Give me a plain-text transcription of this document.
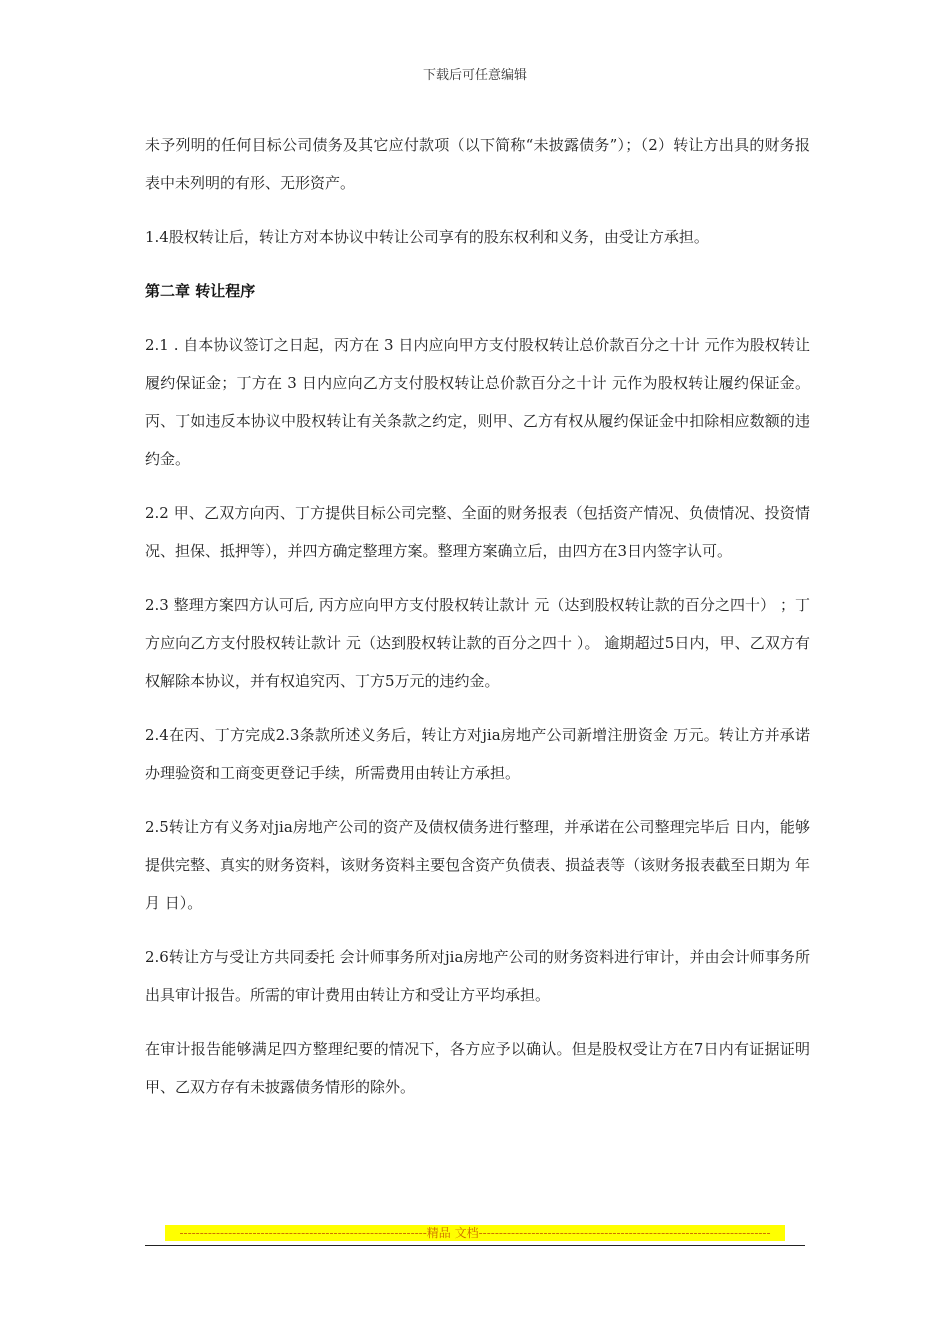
下载后可任意编辑

未予列明的任何目标公司债务及其它应付款项（以下简称“未披露债务”）；（2）转让方出具的财务报表中未列明的有形、无形资产。

1.4股权转让后，转让方对本协议中转让公司享有的股东权利和义务，由受让方承担。

第二章 转让程序

2.1 . 自本协议签订之日起，丙方在 3 日内应向甲方支付股权转让总价款百分之十计 元作为股权转让履约保证金；丁方在 3 日内应向乙方支付股权转让总价款百分之十计 元作为股权转让履约保证金。丙、丁如违反本协议中股权转让有关条款之约定，则甲、乙方有权从履约保证金中扣除相应数额的违约金。

2.2 甲、乙双方向丙、丁方提供目标公司完整、全面的财务报表（包括资产情况、负债情况、投资情况、担保、抵押等），并四方确定整理方案。整理方案确立后，由四方在3日内签字认可。

2.3 整理方案四方认可后, 丙方应向甲方支付股权转让款计 元（达到股权转让款的百分之四十） ；丁方应向乙方支付股权转让款计 元（达到股权转让款的百分之四十 ）。 逾期超过5日内，甲、乙双方有权解除本协议，并有权追究丙、丁方5万元的违约金。

2.4在丙、丁方完成2.3条款所述义务后，转让方对jia房地产公司新增注册资金 万元。转让方并承诺办理验资和工商变更登记手续，所需费用由转让方承担。

2.5转让方有义务对jia房地产公司的资产及债权债务进行整理，并承诺在公司整理完毕后 日内，能够提供完整、真实的财务资料，该财务资料主要包含资产负债表、损益表等（该财务报表截至日期为 年 月 日）。

2.6转让方与受让方共同委托 会计师事务所对jia房地产公司的财务资料进行审计，并由会计师事务所出具审计报告。所需的审计费用由转让方和受让方平均承担。

在审计报告能够满足四方整理纪要的情况下，各方应予以确认。但是股权受让方在7日内有证据证明甲、乙双方存有未披露债务情形的除外。

-------------------------------------------------------------精品 文档------------------------------------------------------------------------
